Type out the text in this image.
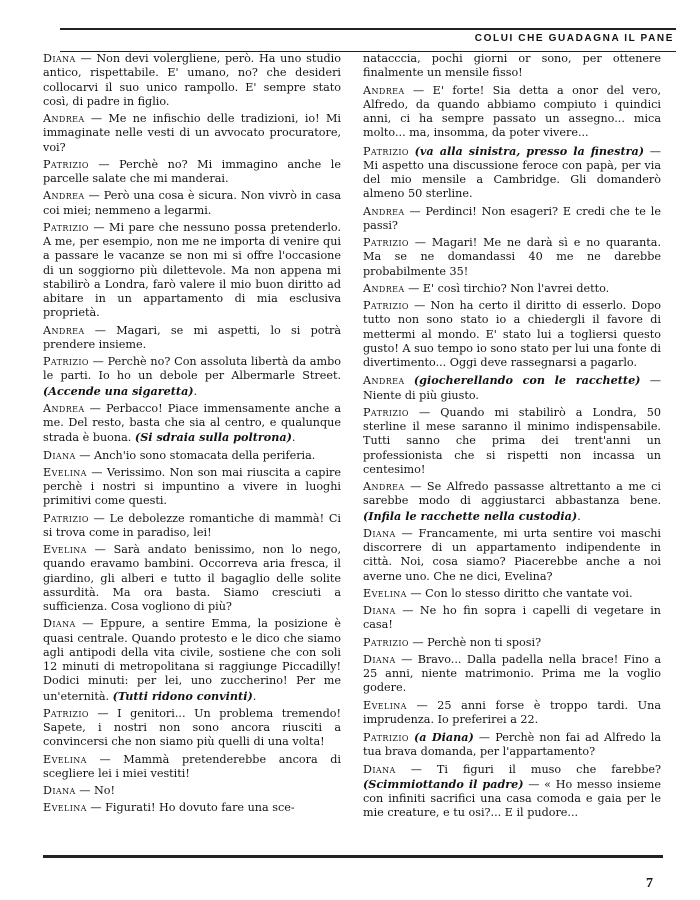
COLUI CHE GUADAGNA IL PANE

Diana — Non devi volergliene, però. Ha uno studio antico, rispettabile. E' umano, no? che desideri collocarvi il suo unico rampollo. E' sempre stato così, di padre in figlio.

Andrea — Me ne infischio delle tradizioni, io! Mi immaginate nelle vesti di un avvocato procuratore, voi?

Patrizio — Perchè no? Mi immagino anche le parcelle salate che mi manderai.

Andrea — Però una cosa è sicura. Non vivrò in casa coi miei; nemmeno a legarmi.

Patrizio — Mi pare che nessuno possa pretenderlo. A me, per esempio, non me ne importa di venire qui a passare le vacanze se non mi si offre l'occasione di un soggiorno più dilettevole. Ma non appena mi stabilirò a Londra, farò valere il mio buon diritto ad abitare in un appartamento di mia esclusiva proprietà.

Andrea — Magari, se mi aspetti, lo si potrà prendere insieme.

Patrizio — Perchè no? Con assoluta libertà da ambo le parti. Io ho un debole per Albermarle Street. (Accende una sigaretta).

Andrea — Perbacco! Piace immensamente anche a me. Del resto, basta che sia al centro, e qualunque strada è buona. (Si sdraia sulla poltrona).

Diana — Anch'io sono stomacata della periferia.

Evelina — Verissimo. Non son mai riuscita a capire perchè i nostri si impuntino a vivere in luoghi primitivi come questi.

Patrizio — Le debolezze romantiche di mammà! Ci si trova come in paradiso, lei!

Evelina — Sarà andato benissimo, non lo nego, quando eravamo bambini. Occorreva aria fresca, il giardino, gli alberi e tutto il bagaglio delle solite assurdità. Ma ora basta. Siamo cresciuti a sufficienza. Cosa vogliono di più?

Diana — Eppure, a sentire Emma, la posizione è quasi centrale. Quando protesto e le dico che siamo agli antipodi della vita civile, sostiene che con soli 12 minuti di metropolitana si raggiunge Piccadilly! Dodici minuti: per lei, uno zuccherino! Per me un'eternità. (Tutti ridono convinti).

Patrizio — I genitori... Un problema tremendo! Sapete, i nostri non sono ancora riusciti a convincersi che non siamo più quelli di una volta!

Evelina — Mammà pretenderebbe ancora di scegliere lei i miei vestiti!

Diana — No!

Evelina — Figurati! Ho dovuto fare una sce-

natacccia, pochi giorni or sono, per ottenere finalmente un mensile fisso!

Andrea — E' forte! Sia detta a onor del vero, Alfredo, da quando abbiamo compiuto i quindici anni, ci ha sempre passato un assegno... mica molto... ma, insomma, da poter vivere...

Patrizio (va alla sinistra, presso la finestra) — Mi aspetto una discussione feroce con papà, per via del mio mensile a Cambridge. Gli domanderò almeno 50 sterline.

Andrea — Perdinci! Non esageri? E credi che te le passi?

Patrizio — Magari! Me ne darà sì e no quaranta. Ma se ne domandassi 40 me ne darebbe probabilmente 35!

Andrea — E' così tirchio? Non l'avrei detto.

Patrizio — Non ha certo il diritto di esserlo. Dopo tutto non sono stato io a chiedergli il favore di mettermi al mondo. E' stato lui a togliersi questo gusto! A suo tempo io sono stato per lui una fonte di divertimento... Oggi deve rassegnarsi a pagarlo.

Andrea (giocherellando con le racchette) — Niente di più giusto.

Patrizio — Quando mi stabilirò a Londra, 50 sterline il mese saranno il minimo indispensabile. Tutti sanno che prima dei trent'anni un professionista che si rispetti non incassa un centesimo!

Andrea — Se Alfredo passasse altrettanto a me ci sarebbe modo di aggiustarci abbastanza bene. (Infila le racchette nella custodia).

Diana — Francamente, mi urta sentire voi maschi discorrere di un appartamento indipendente in città. Noi, cosa siamo? Piacerebbe anche a noi averne uno. Che ne dici, Evelina?

Evelina — Con lo stesso diritto che vantate voi.

Diana — Ne ho fin sopra i capelli di vegetare in casa!

Patrizio — Perchè non ti sposi?

Diana — Bravo... Dalla padella nella brace! Fino a 25 anni, niente matrimonio. Prima me la voglio godere.

Evelina — 25 anni forse è troppo tardi. Una imprudenza. Io preferirei a 22.

Patrizio (a Diana) — Perchè non fai ad Alfredo la tua brava domanda, per l'appartamento?

Diana — Ti figuri il muso che farebbe? (Scimmiottando il padre) — « Ho messo insieme con infiniti sacrifici una casa comoda e gaia per le mie creature, e tu osi?... E il pudore...

7
